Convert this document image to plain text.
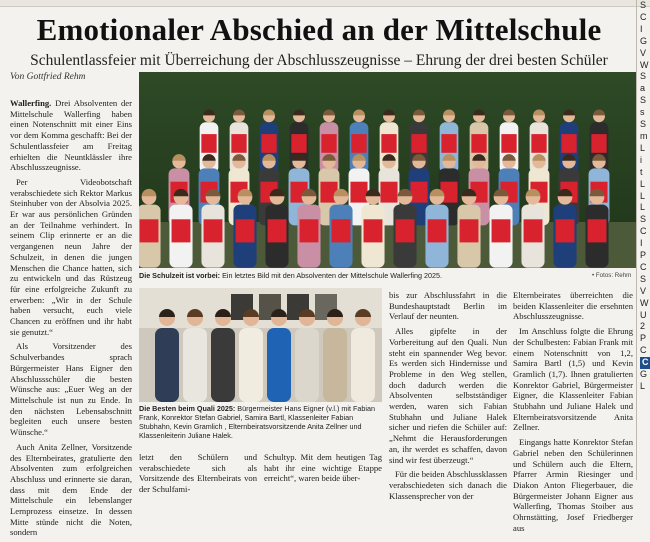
Emotionaler Abschied an der Mittelschule
Schulentlassfeier mit Überreichung der Abschlusszeugnisse – Ehrung der drei besten Schüler
Von Gottfried Rehm
Die Schulzeit ist vorbei: Ein letztes Bild mit den Absolventen der Mittelschule Wallerfing 2025.	• Fotos: Rehm
Die Besten beim Quali 2025: Bürgermeister Hans Eigner (v.l.) mit Fabian Frank, Konrektor Stefan Gabriel, Samira Bartl, Klassenleiter Fabian Stubhahn, Kevin Gramlich , Elternbeiratsvorsitzende Anita Zellner und Klassenleiterin Juliane Halek.

Wallerfing. Drei Absolventen der Mittelschule Wallerfing haben einen Notenschnitt mit einer Eins vor dem Komma geschafft: Bei der Schulentlassfeier am Freitag erhielten die Neuntklässler ihre Abschlusszeugnisse.

Per Videobotschaft verabschiedete sich Rektor Markus Steinhuber von der Absolvia 2025. Er war aus persönlichen Gründen an der Teilnahme verhindert. In seinem Clip erinnerte er an die vergangenen neun Jahre der Schulzeit, in denen die jungen Menschen die Chance hatten, sich zu entwickeln und das Rüstzeug für eine erfolgreiche Zukunft zu erwerben: „Wir in der Schule haben versucht, euch viele Chancen zu eröffnen und ihr habt sie genutzt.“

Als Vorsitzender des Schulverbandes sprach Bürgermeister Hans Eigner den Abschlussschüler die besten Wünsche aus: „Euer Weg an der Mittelschule ist nun zu Ende. In den nächsten Lebensabschnitt begleiten euch unsere besten Wünsche.“

Auch Anita Zellner, Vorsitzende des Elternbeirates, gratulierte den Absolventen zum erfolgreichen Abschluss und erinnerte sie daran, dass mit dem Ende der Mittelschule ein lebenslanger Lernprozess einsetze. In dessen Mitte stünde nicht die Noten, sondern

letzt den Schülern und verabschiedete sich als Vorsitzende des Elternbeirats von der Schulfami-

Schultyp. Mit dem heutigen Tag habt ihr eine wichtige Etappe erreicht“, waren beide über-

bis zur Abschlussfahrt in die Bundeshauptstadt Berlin im Verlauf der neunten.

Alles gipfelte in der Vorbereitung auf den Quali. Nun steht ein spannender Weg bevor. Es werden sich Hindernisse und Probleme in den Weg stellen, doch dadurch werden die Absolventen selbstständiger werden, waren sich Fabian Stubhahn und Juliane Halek sicher und riefen die Schüler auf: „Nehmt die Herausforderungen an, ihr werdet es schaffen, davon sind wir fest überzeugt.“

Für die beiden Abschlussklassen verabschiedeten sich danach die Klassensprecher von der

Elternbeirates überreichten die beiden Klassenleiter die ersehnten Abschlusszeugnisse.

Im Anschluss folgte die Ehrung der Schulbesten: Fabian Frank mit einem Notenschnitt von 1,2, Samira Bartl (1,5) und Kevin Gramlich (1,7). Ihnen gratulierten Konrektor Gabriel, Bürgermeister Eigner, die Klassenleiter Fabian Stubhahn und Juliane Halek und Elternbeiratsvorsitzende Anita Zellner.

Eingangs hatte Konrektor Stefan Gabriel neben den Schülerinnen und Schülern auch die Eltern, Pfarrer Armin Riesinger und Diakon Anton Fliegerbauer, die Bürgermeister Johann Eigner aus Wallerfing, Thomas Stoiber aus Ohrnstätting, Josef Friedberger aus

S
C
I
G
V
W
S
a
S
s
S
m
L
i
t
L
L
L
S
C
I
P
C
S
V
W
U
2
P
C
C
G
L
